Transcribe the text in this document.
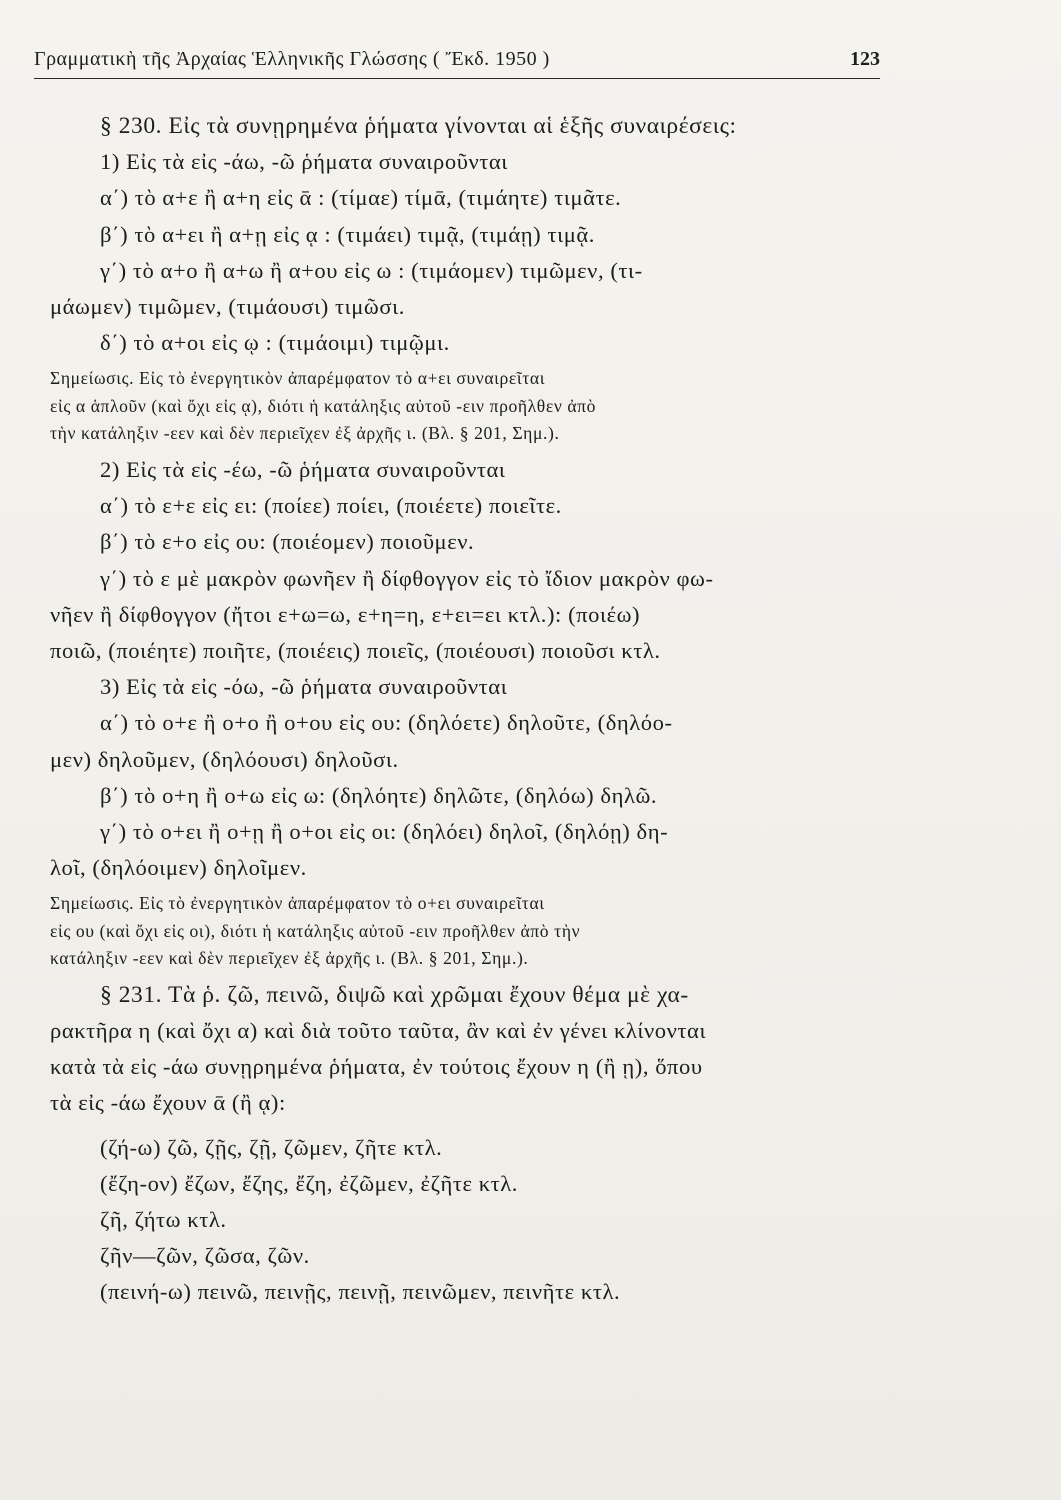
Γραμματικὴ τῆς Ἀρχαίας Ἑλληνικῆς Γλώσσης ( Ἔκδ. 1950 )	123
§ 230. Εἰς τὰ συνῃρημένα ῥήματα γίνονται αἱ ἑξῆς συναιρέσεις:
1) Εἰς τὰ εἰς -άω, -ῶ ῥήματα συναιροῦνται
α΄) τὸ α+ε ἢ α+η εἰς ᾱ : (τίμαε) τίμᾱ, (τιμάητε) τιμᾶτε.
β΄) τὸ α+ει ἢ α+ῃ εἰς ᾳ : (τιμάει) τιμᾷ, (τιμάῃ) τιμᾷ.
γ΄) τὸ α+ο ἢ α+ω ἢ α+ου εἰς ω : (τιμάομεν) τιμῶμεν, (τι-
μάωμεν) τιμῶμεν, (τιμάουσι) τιμῶσι.
δ΄) τὸ α+οι εἰς ῳ : (τιμάοιμι) τιμῷμι.
Σημείωσις. Εἰς τὸ ἐνεργητικὸν ἀπαρέμφατον τὸ α+ει συναιρεῖται
εἰς α ἁπλοῦν (καὶ ὄχι εἰς ᾳ), διότι ἡ κατάληξις αὐτοῦ -ειν προῆλθεν ἀπὸ
τὴν κατάληξιν -εεν καὶ δὲν περιεῖχεν ἐξ ἀρχῆς ι. (Βλ. § 201, Σημ.).
2) Εἰς τὰ εἰς -έω, -ῶ ῥήματα συναιροῦνται
α΄) τὸ ε+ε εἰς ει: (ποίεε) ποίει, (ποιέετε) ποιεῖτε.
β΄) τὸ ε+ο εἰς ου: (ποιέομεν) ποιοῦμεν.
γ΄) τὸ ε μὲ μακρὸν φωνῆεν ἢ δίφθογγον εἰς τὸ ἴδιον μακρὸν φω-
νῆεν ἢ δίφθογγον (ἤτοι ε+ω=ω, ε+η=η, ε+ει=ει κτλ.): (ποιέω)
ποιῶ, (ποιέητε) ποιῆτε, (ποιέεις) ποιεῖς, (ποιέουσι) ποιοῦσι κτλ.
3) Εἰς τὰ εἰς -όω, -ῶ ῥήματα συναιροῦνται
α΄) τὸ ο+ε ἢ ο+ο ἢ ο+ου εἰς ου: (δηλόετε) δηλοῦτε, (δηλόο-
μεν) δηλοῦμεν, (δηλόουσι) δηλοῦσι.
β΄) τὸ ο+η ἢ ο+ω εἰς ω: (δηλόητε) δηλῶτε, (δηλόω) δηλῶ.
γ΄) τὸ ο+ει ἢ ο+ῃ ἢ ο+οι εἰς οι: (δηλόει) δηλοῖ, (δηλόῃ) δη-
λοῖ, (δηλόοιμεν) δηλοῖμεν.
Σημείωσις. Εἰς τὸ ἐνεργητικὸν ἀπαρέμφατον τὸ ο+ει συναιρεῖται
εἰς ου (καὶ ὄχι εἰς οι), διότι ἡ κατάληξις αὐτοῦ -ειν προῆλθεν ἀπὸ τὴν
κατάληξιν -εεν καὶ δὲν περιεῖχεν ἐξ ἀρχῆς ι. (Βλ. § 201, Σημ.).
§ 231. Τὰ ῥ. ζῶ, πεινῶ, διψῶ καὶ χρῶμαι ἔχουν θέμα μὲ χα-
ρακτῆρα η (καὶ ὄχι α) καὶ διὰ τοῦτο ταῦτα, ἂν καὶ ἐν γένει κλίνονται
κατὰ τὰ εἰς -άω συνῃρημένα ῥήματα, ἐν τούτοις ἔχουν η (ἢ ῃ), ὅπου
τὰ εἰς -άω ἔχουν ᾱ (ἢ ᾳ):
(ζή-ω) ζῶ, ζῇς, ζῇ, ζῶμεν, ζῆτε κτλ.
(ἔζη-ον) ἔζων, ἔζης, ἔζη, ἐζῶμεν, ἐζῆτε κτλ.
ζῆ, ζήτω κτλ.
ζῆν—ζῶν, ζῶσα, ζῶν.
(πεινή-ω) πεινῶ, πεινῇς, πεινῇ, πεινῶμεν, πεινῆτε κτλ.
